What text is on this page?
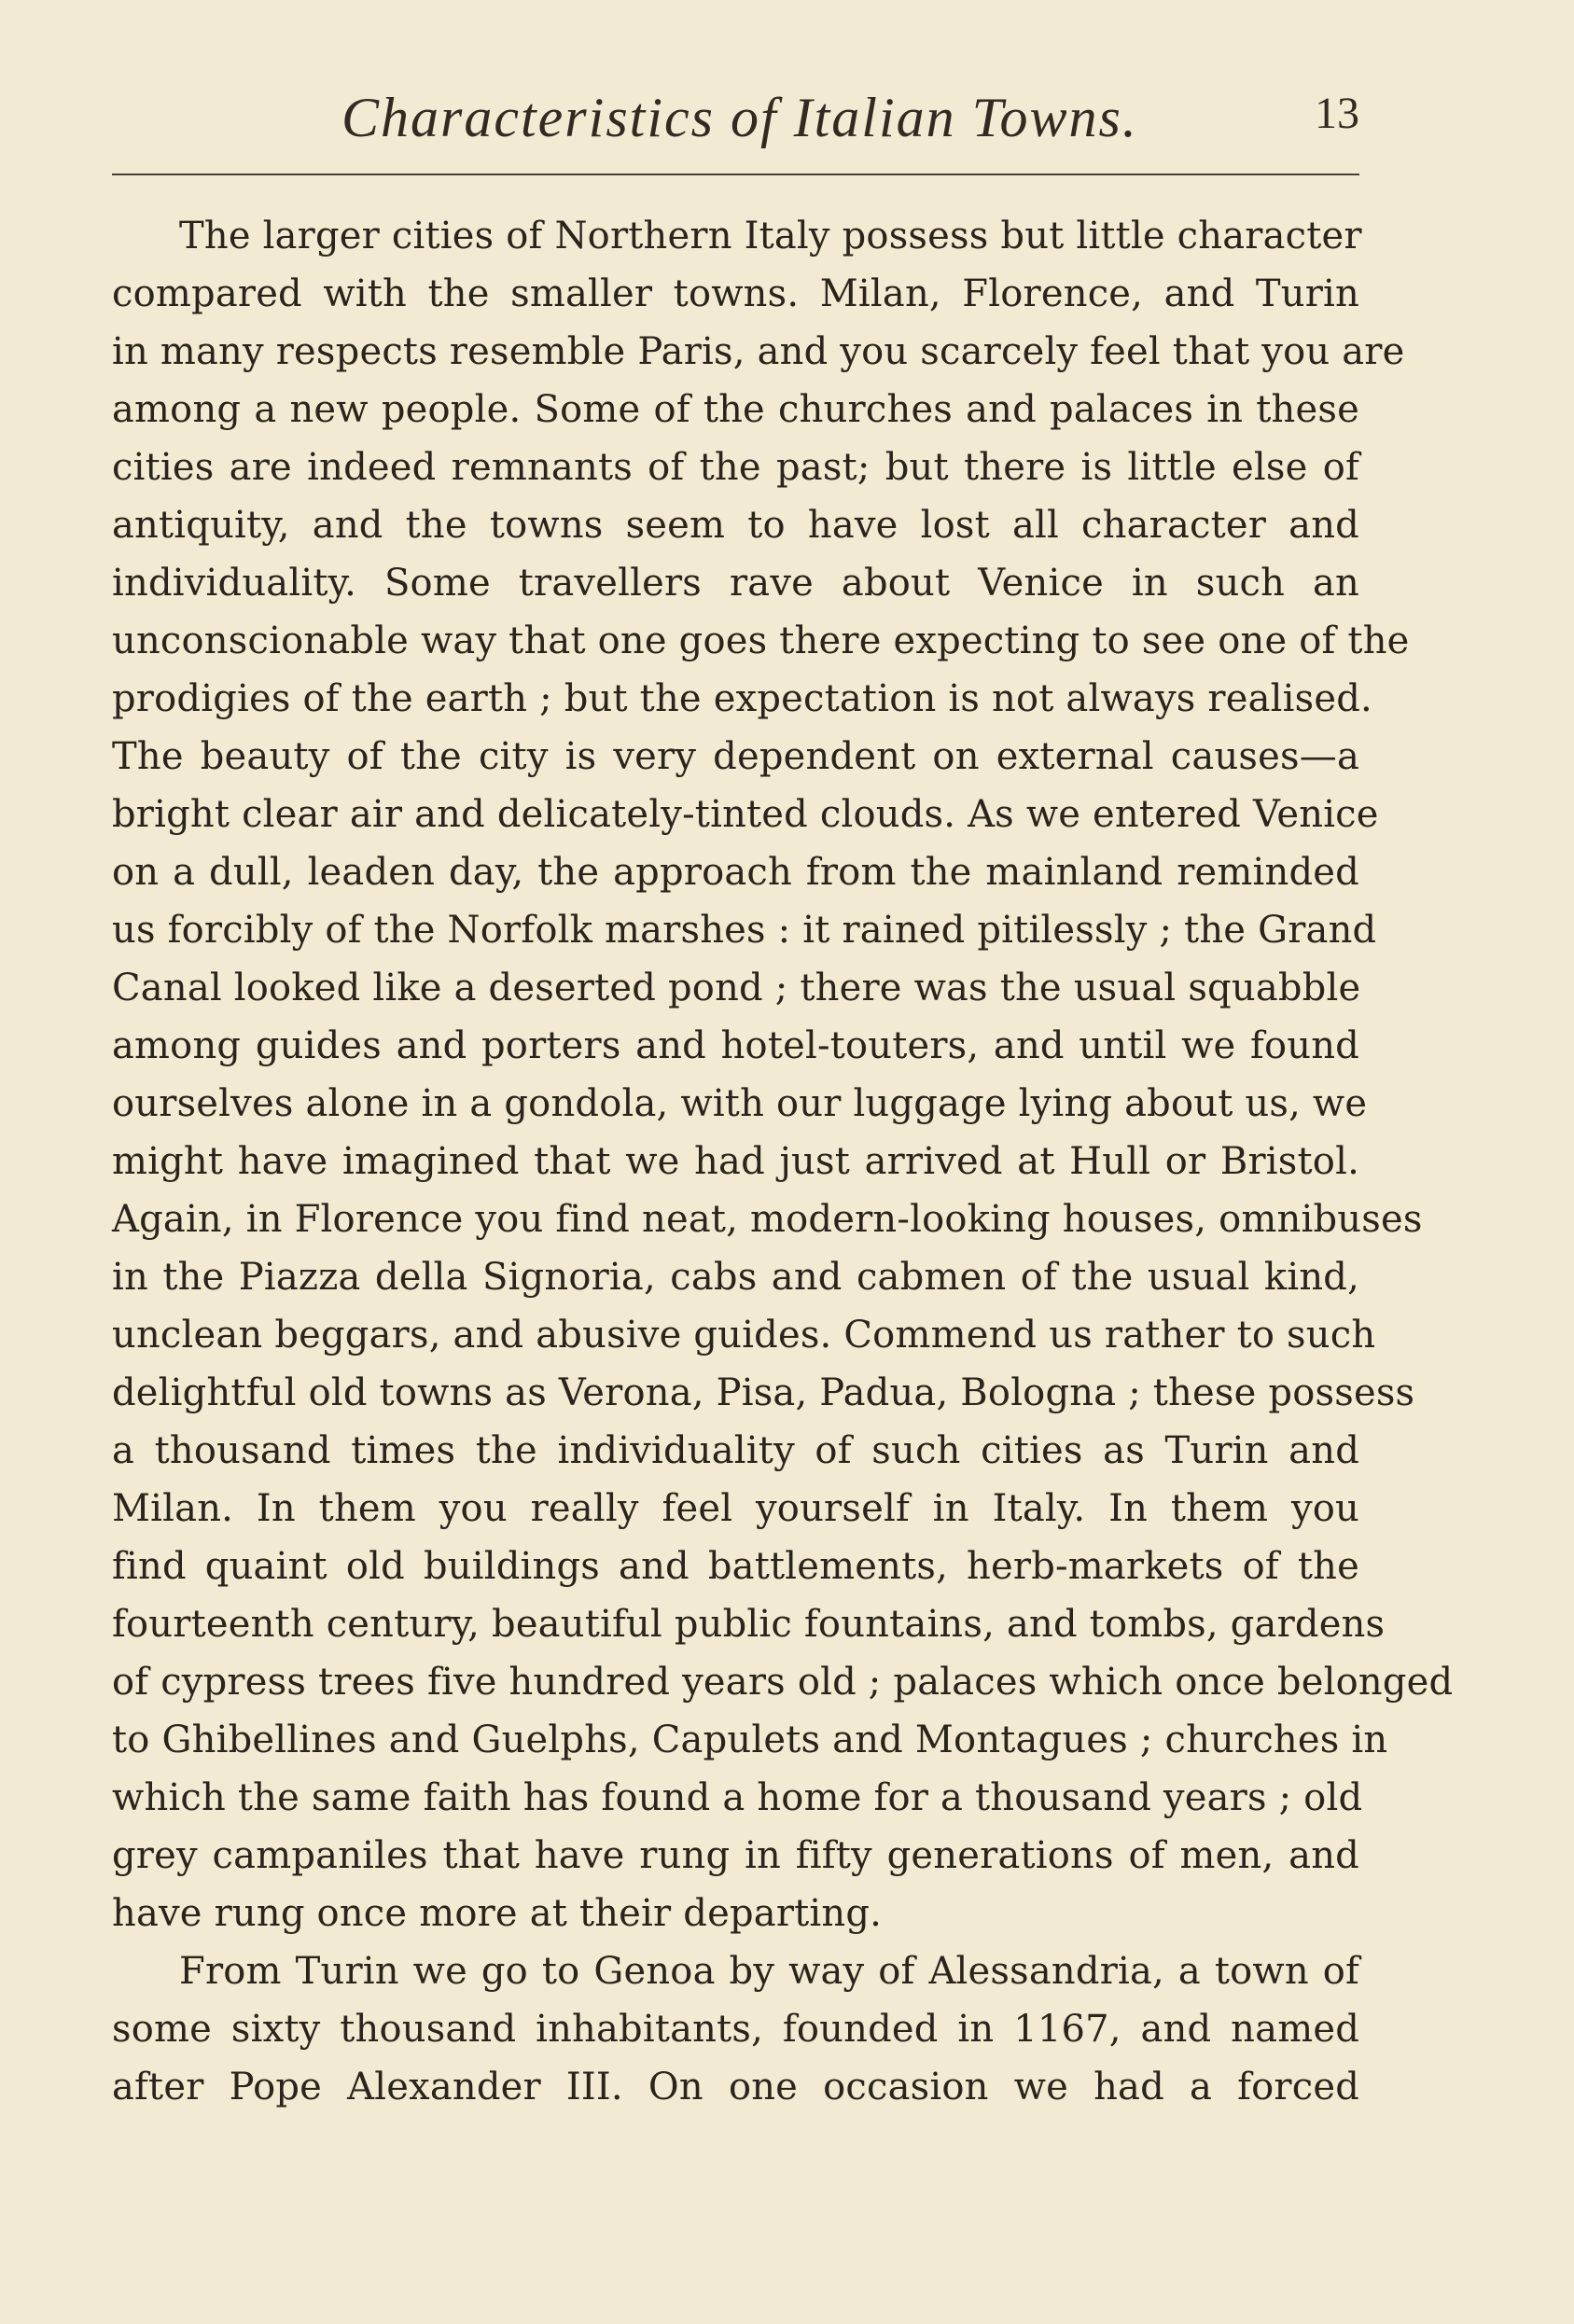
Characteristics of Italian Towns.	13
The larger cities of Northern Italy possess but little character
compared with the smaller towns. Milan, Florence, and Turin
in many respects resemble Paris, and you scarcely feel that you are
among a new people. Some of the churches and palaces in these
cities are indeed remnants of the past; but there is little else of
antiquity, and the towns seem to have lost all character and
individuality. Some travellers rave about Venice in such an
unconscionable way that one goes there expecting to see one of the
prodigies of the earth ; but the expectation is not always realised.
The beauty of the city is very dependent on external causes—a
bright clear air and delicately-tinted clouds. As we entered Venice
on a dull, leaden day, the approach from the mainland reminded
us forcibly of the Norfolk marshes : it rained pitilessly ; the Grand
Canal looked like a deserted pond ; there was the usual squabble
among guides and porters and hotel-touters, and until we found
ourselves alone in a gondola, with our luggage lying about us, we
might have imagined that we had just arrived at Hull or Bristol.
Again, in Florence you find neat, modern-looking houses, omnibuses
in the Piazza della Signoria, cabs and cabmen of the usual kind,
unclean beggars, and abusive guides. Commend us rather to such
delightful old towns as Verona, Pisa, Padua, Bologna ; these possess
a thousand times the individuality of such cities as Turin and
Milan. In them you really feel yourself in Italy. In them you
find quaint old buildings and battlements, herb-markets of the
fourteenth century, beautiful public fountains, and tombs, gardens
of cypress trees five hundred years old ; palaces which once belonged
to Ghibellines and Guelphs, Capulets and Montagues ; churches in
which the same faith has found a home for a thousand years ; old
grey campaniles that have rung in fifty generations of men, and
have rung once more at their departing.
From Turin we go to Genoa by way of Alessandria, a town of
some sixty thousand inhabitants, founded in 1167, and named
after Pope Alexander III. On one occasion we had a forced
